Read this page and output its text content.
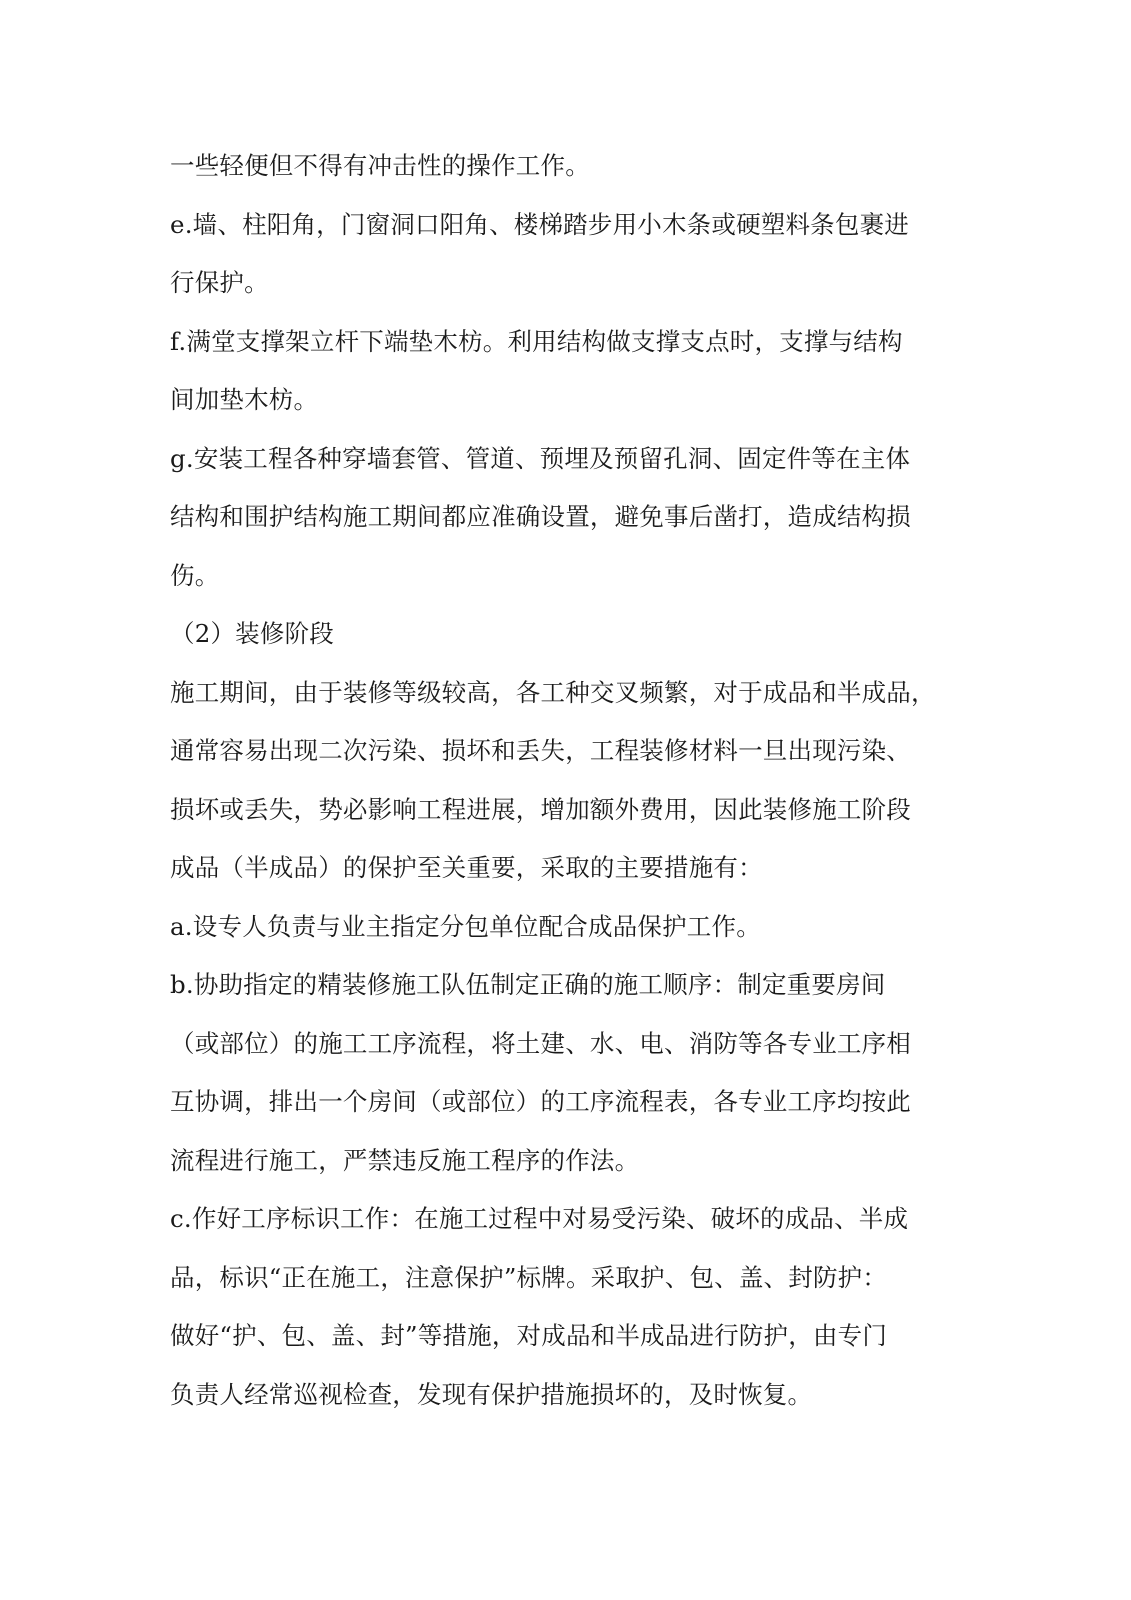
一些轻便但不得有冲击性的操作工作。
e.墙、柱阳角，门窗洞口阳角、楼梯踏步用小木条或硬塑料条包裹进
行保护。
f.满堂支撑架立杆下端垫木枋。利用结构做支撑支点时，支撑与结构
间加垫木枋。
g.安装工程各种穿墙套管、管道、预埋及预留孔洞、固定件等在主体
结构和围护结构施工期间都应准确设置，避免事后凿打，造成结构损
伤。
（2）装修阶段
施工期间，由于装修等级较高，各工种交叉频繁，对于成品和半成品，
通常容易出现二次污染、损坏和丢失，工程装修材料一旦出现污染、
损坏或丢失，势必影响工程进展，增加额外费用，因此装修施工阶段
成品（半成品）的保护至关重要，采取的主要措施有：
a.设专人负责与业主指定分包单位配合成品保护工作。
b.协助指定的精装修施工队伍制定正确的施工顺序：制定重要房间
（或部位）的施工工序流程，将土建、水、电、消防等各专业工序相
互协调，排出一个房间（或部位）的工序流程表，各专业工序均按此
流程进行施工，严禁违反施工程序的作法。
c.作好工序标识工作：在施工过程中对易受污染、破坏的成品、半成
品，标识“正在施工，注意保护”标牌。采取护、包、盖、封防护：
做好“护、包、盖、封”等措施，对成品和半成品进行防护，由专门
负责人经常巡视检查，发现有保护措施损坏的，及时恢复。
